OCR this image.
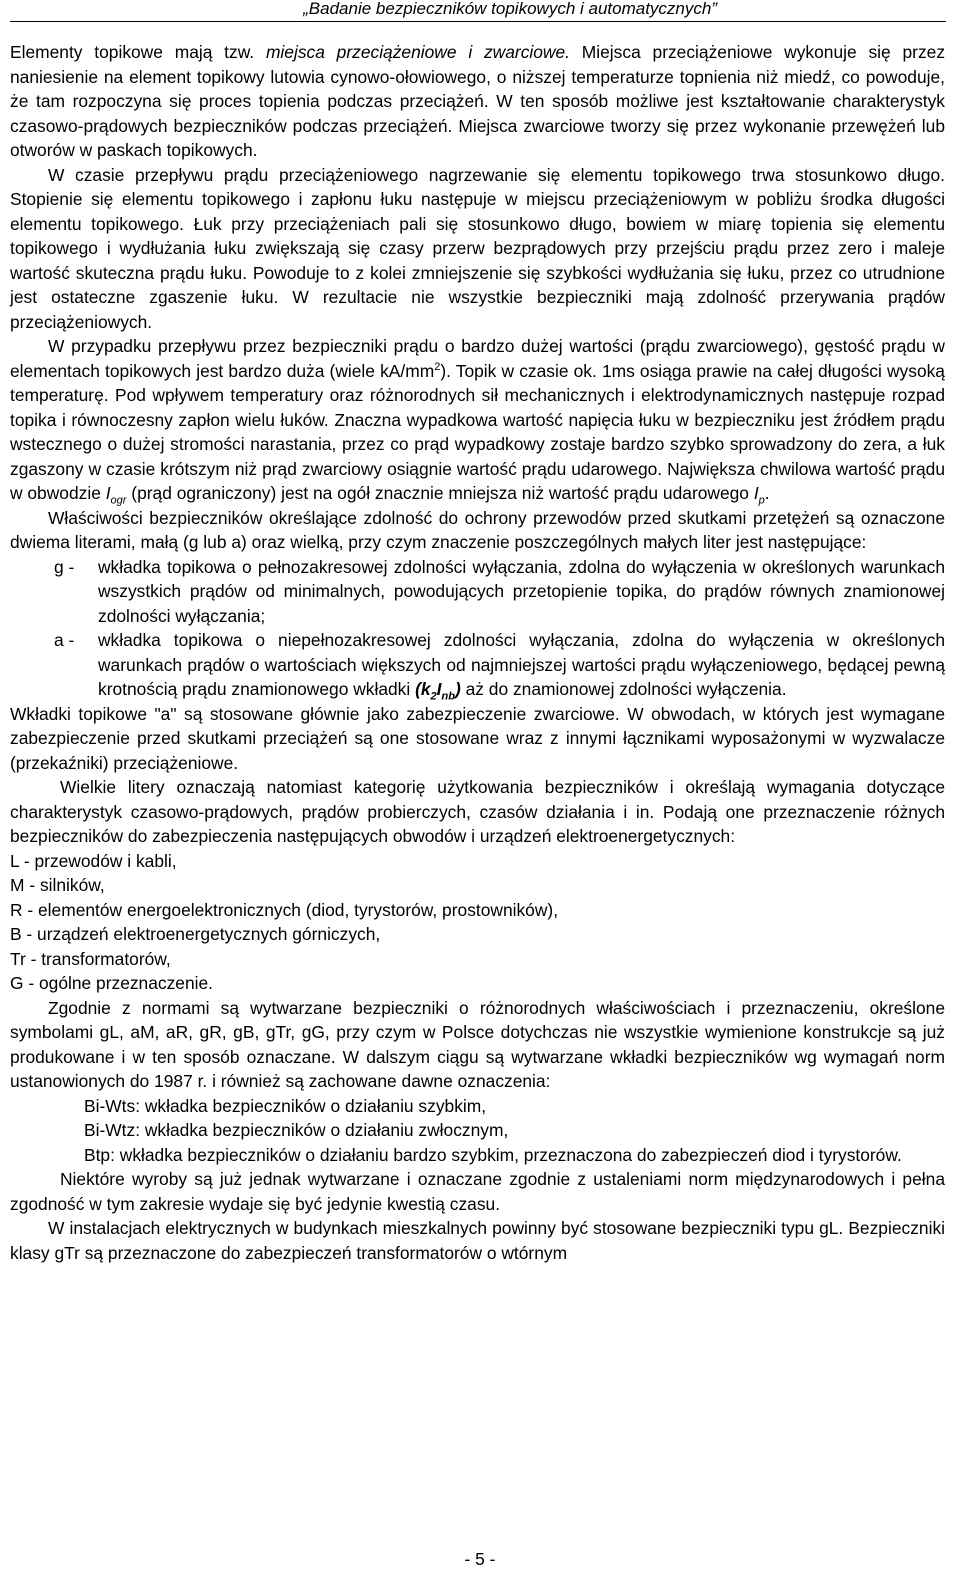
„Badanie bezpieczników topikowych i automatycznych”

Elementy topikowe mają tzw. miejsca przeciążeniowe i zwarciowe. Miejsca przeciążeniowe wykonuje się przez naniesienie na element topikowy lutowia cynowo-ołowiowego, o niższej temperaturze topnienia niż miedź, co powoduje, że tam rozpoczyna się proces topienia podczas przeciążeń. W ten sposób możliwe jest kształtowanie charakterystyk czasowo-prądowych bezpieczników podczas przeciążeń. Miejsca zwarciowe tworzy się przez wykonanie przewężeń lub otworów w paskach topikowych.

W czasie przepływu prądu przeciążeniowego nagrzewanie się elementu topikowego trwa stosunkowo długo. Stopienie się elementu topikowego i zapłonu łuku następuje w miejscu przeciążeniowym w pobliżu środka długości elementu topikowego. Łuk przy przeciążeniach pali się stosunkowo długo, bowiem w miarę topienia się elementu topikowego i wydłużania łuku zwiększają się czasy przerw bezprądowych przy przejściu prądu przez zero i maleje wartość skuteczna prądu łuku. Powoduje to z kolei zmniejszenie się szybkości wydłużania się łuku, przez co utrudnione jest ostateczne zgaszenie łuku. W rezultacie nie wszystkie bezpieczniki mają zdolność przerywania prądów przeciążeniowych.

W przypadku przepływu przez bezpieczniki prądu o bardzo dużej wartości (prądu zwarciowego), gęstość prądu w elementach topikowych jest bardzo duża (wiele $kA/mm^2$). Topik w czasie ok. 1ms osiąga prawie na całej długości wysoką temperaturę. Pod wpływem temperatury oraz różnorodnych sił mechanicznych i elektrodynamicznych następuje rozpad topika i równoczesny zapłon wielu łuków. Znaczna wypadkowa wartość napięcia łuku w bezpieczniku jest źródłem prądu wstecznego o dużej stromości narastania, przez co prąd wypadkowy zostaje bardzo szybko sprowadzony do zera, a łuk zgaszony w czasie krótszym niż prąd zwarciowy osiągnie wartość prądu udarowego. Największa chwilowa wartość prądu w obwodzie $I_{ogr}$ (prąd ograniczony) jest na ogół znacznie mniejsza niż wartość prądu udarowego $I_p$.

Właściwości bezpieczników określające zdolność do ochrony przewodów przed skutkami przetężeń są oznaczone dwiema literami, małą (g lub a) oraz wielką, przy czym znaczenie poszczególnych małych liter jest następujące:

g -	wkładka topikowa o pełnozakresowej zdolności wyłączania, zdolna do wyłączenia w określonych warunkach wszystkich prądów od minimalnych, powodujących przetopienie topika, do prądów równych znamionowej zdolności wyłączania;
a -	wkładka topikowa o niepełnozakresowej zdolności wyłączania, zdolna do wyłączenia w określonych warunkach prądów o wartościach większych od najmniejszej wartości prądu wyłączeniowego, będącej pewną krotnością prądu znamionowego wkładki $(k_2I_{nb})$ aż do znamionowej zdolności wyłączenia.

Wkładki topikowe "a" są stosowane głównie jako zabezpieczenie zwarciowe. W obwodach, w których jest wymagane zabezpieczenie przed skutkami przeciążeń są one stosowane wraz z innymi łącznikami wyposażonymi w wyzwalacze (przekaźniki) przeciążeniowe.

Wielkie litery oznaczają natomiast kategorię użytkowania bezpieczników i określają wymagania dotyczące charakterystyk czasowo-prądowych, prądów probierczych, czasów działania i in. Podają one przeznaczenie różnych bezpieczników do zabezpieczenia następujących obwodów i urządzeń elektroenergetycznych:

L - przewodów i kabli,

M - silników,

R - elementów energoelektronicznych (diod, tyrystorów, prostowników),

B - urządzeń elektroenergetycznych górniczych,

Tr - transformatorów,

G - ogólne przeznaczenie.

Zgodnie z normami są wytwarzane bezpieczniki o różnorodnych właściwościach i przeznaczeniu, określone symbolami gL, aM, aR, gR, gB, gTr, gG, przy czym w Polsce dotychczas nie wszystkie wymienione konstrukcje są już produkowane i w ten sposób oznaczane. W dalszym ciągu są wytwarzane wkładki bezpieczników wg wymagań norm ustanowionych do 1987 r. i również są zachowane dawne oznaczenia:

Bi-Wts: wkładka bezpieczników o działaniu szybkim,
Bi-Wtz: wkładka bezpieczników o działaniu zwłocznym,
Btp: wkładka bezpieczników o działaniu bardzo szybkim, przeznaczona do zabezpieczeń diod i tyrystorów.

Niektóre wyroby są już jednak wytwarzane i oznaczane zgodnie z ustaleniami norm międzynarodowych i pełna zgodność w tym zakresie wydaje się być jedynie kwestią czasu.

W instalacjach elektrycznych w budynkach mieszkalnych powinny być stosowane bezpieczniki typu gL. Bezpieczniki klasy gTr są przeznaczone do zabezpieczeń transformatorów o wtórnym

- 5 -
